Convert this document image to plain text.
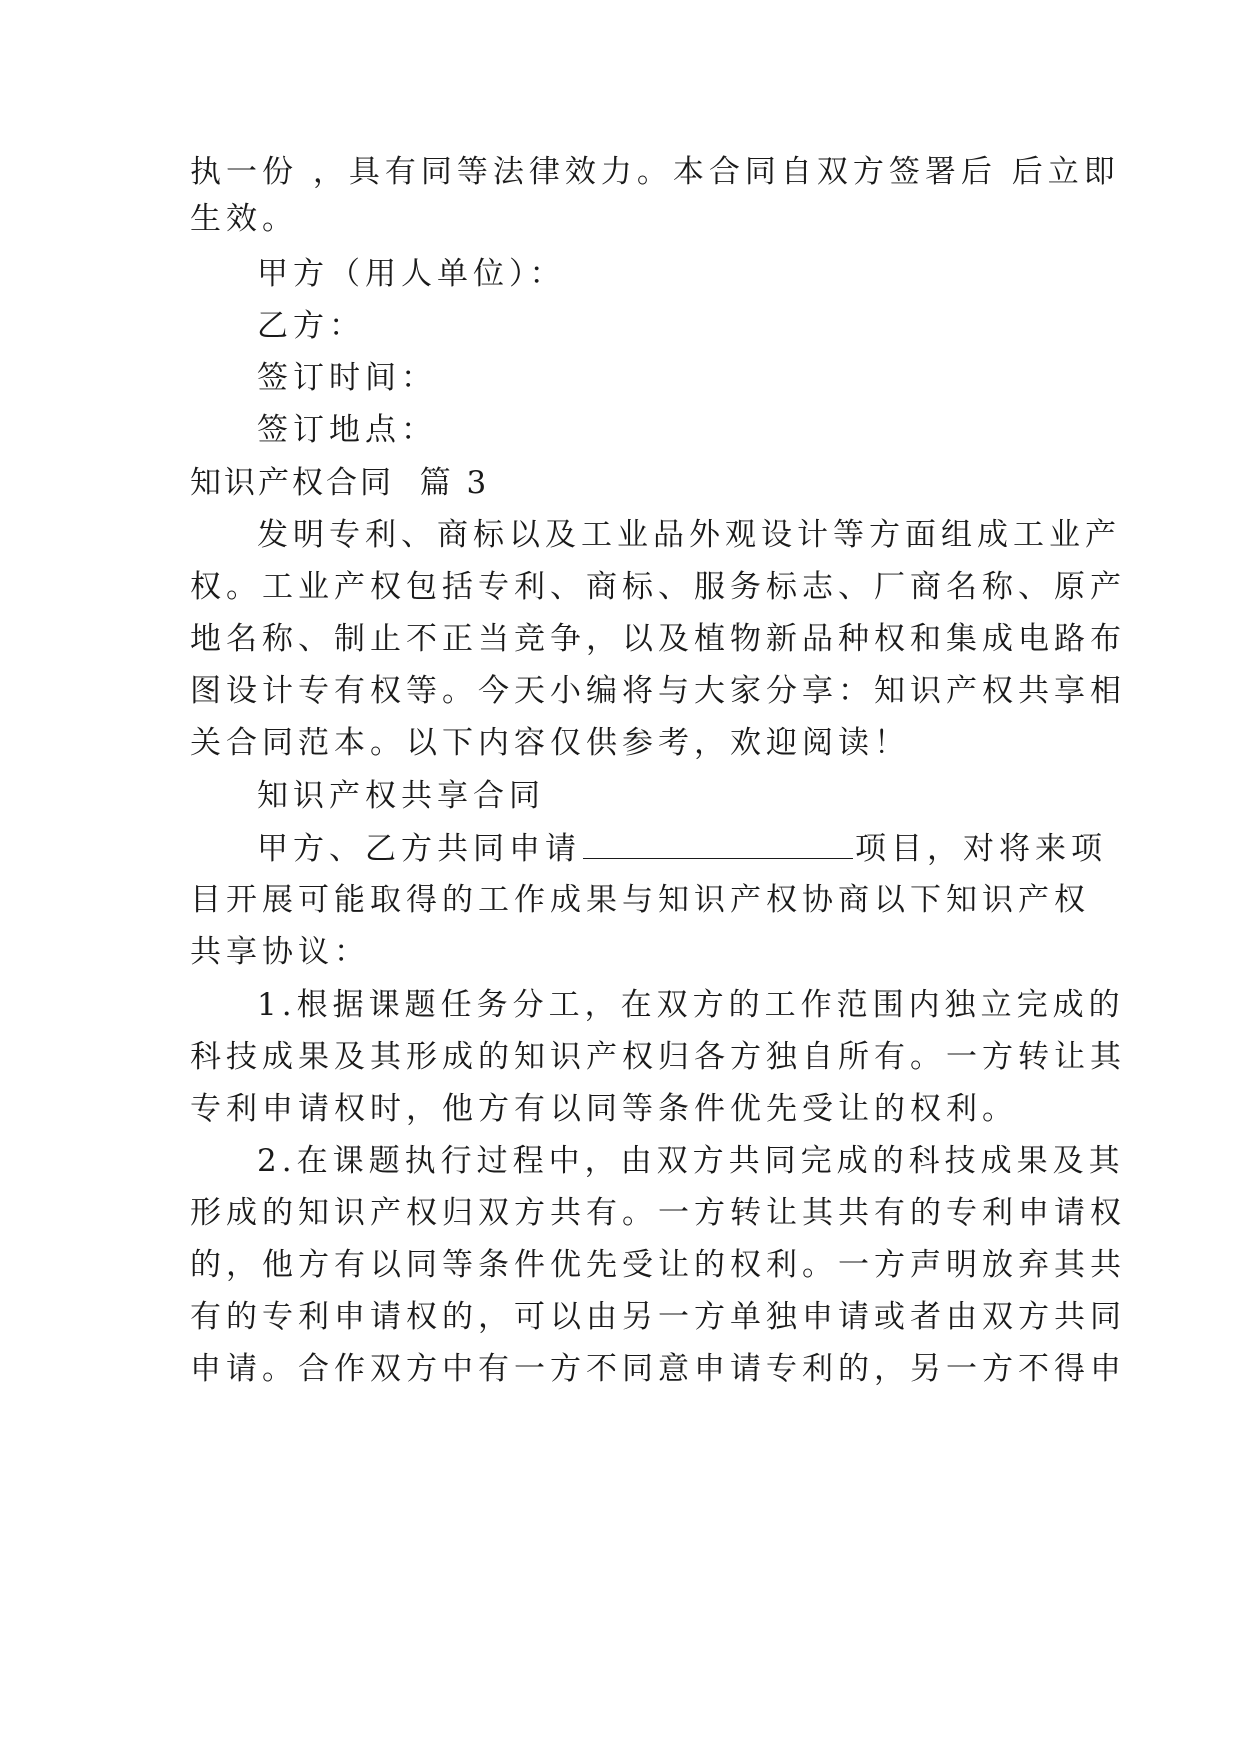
执一份 ，具有同等法律效力。本合同自双方签署后 后立即
生效。
甲方（用人单位）：
乙方：
签订时间：
签订地点：
知识产权合同  篇 3
发明专利、商标以及工业品外观设计等方面组成工业产
权。工业产权包括专利、商标、服务标志、厂商名称、原产
地名称、制止不正当竞争，以及植物新品种权和集成电路布
图设计专有权等。今天小编将与大家分享：知识产权共享相
关合同范本。以下内容仅供参考，欢迎阅读！
知识产权共享合同
甲方、乙方共同申请	项目，对将来项
目开展可能取得的工作成果与知识产权协商以下知识产权
共享协议：
1.根据课题任务分工，在双方的工作范围内独立完成的
科技成果及其形成的知识产权归各方独自所有。一方转让其
专利申请权时，他方有以同等条件优先受让的权利。
2.在课题执行过程中，由双方共同完成的科技成果及其
形成的知识产权归双方共有。一方转让其共有的专利申请权
的，他方有以同等条件优先受让的权利。一方声明放弃其共
有的专利申请权的，可以由另一方单独申请或者由双方共同
申请。合作双方中有一方不同意申请专利的，另一方不得申
